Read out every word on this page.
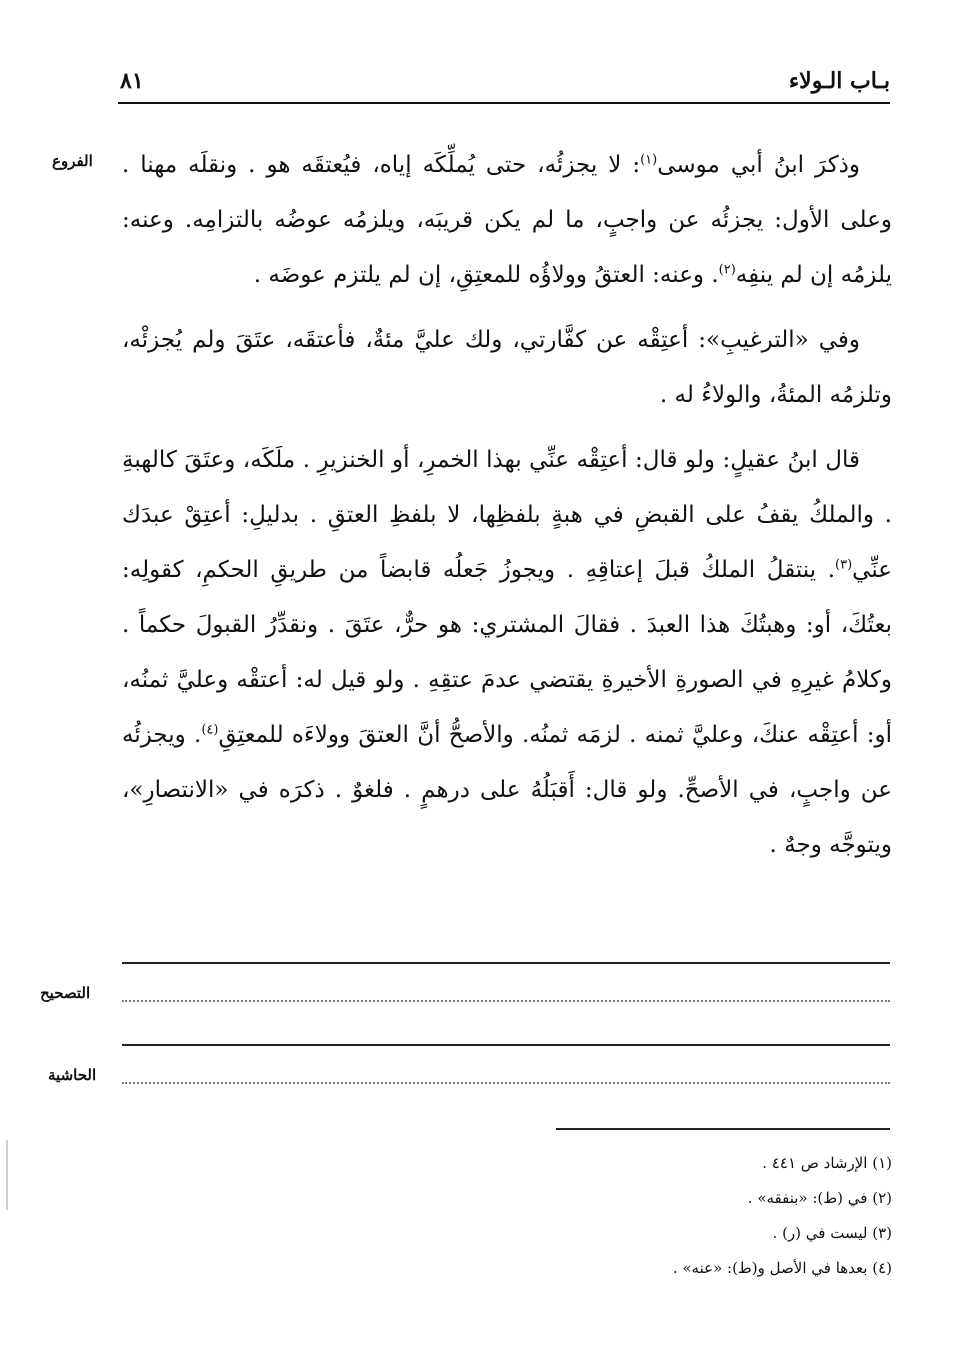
بـاب الـولاء
٨١
الفروع	وذكرَ ابنُ أبي موسى$^{(١)}$: لا يجزئُه، حتى يُملِّكَه إياه، فيُعتقَه هو . ونقلَه مهنا . وعلى الأول: يجزئُه عن واجبٍ، ما لم يكن قريبَه، ويلزمُه عوضُه بالتزامِه. وعنه: يلزمُه إن لم ينفِه$^{(٢)}$. وعنه: العتقُ وولاؤُه للمعتِقِ، إن لم يلتزم عوضَه .

وفي «الترغيبِ»: أعتِقْه عن كفَّارتي، ولك عليَّ مئةٌ، فأعتقَه، عتَقَ ولم يُجزئْه، وتلزمُه المئةُ، والولاءُ له .

قال ابنُ عقيلٍ: ولو قال: أعتِقْه عنِّي بهذا الخمرِ، أو الخنزيرِ . ملَكَه، وعتَقَ كالهبةِ . والملكُ يقفُ على القبضِ في هبةٍ بلفظِها، لا بلفظِ العتقِ . بدليلِ: أعتِقْ عبدَك عنِّي$^{(٣)}$. ينتقلُ الملكُ قبلَ إعتاقِهِ . ويجوزُ جَعلُه قابضاً من طريقِ الحكمِ، كقولِه: بعتُكَ، أو: وهبتُكَ هذا العبدَ . فقالَ المشتري: هو حرٌّ، عتَقَ . ونقدِّرُ القبولَ حكماً . وكلامُ غيرِهِ في الصورةِ الأخيرةِ يقتضي عدمَ عتقِهِ . ولو قيل له: أعتقْه وعليَّ ثمنُه، أو: أعتِقْه عنكَ، وعليَّ ثمنه . لزمَه ثمنُه. والأصحُّ أنَّ العتقَ وولاءَه للمعتِقِ$^{(٤)}$. ويجزئُه عن واجبٍ، في الأصحِّ. ولو قال: أَقبَلُهُ على درهمٍ . فلغوٌ . ذكرَه في «الانتصارِ»، ويتوجَّه وجهٌ .

التصحيح
الحاشية
(١) الإرشاد ص ٤٤١ .
(٢) في (ط): «بنفقه» .
(٣) ليست في (ر) .
(٤) بعدها في الأصل و(ط): «عنه» .
